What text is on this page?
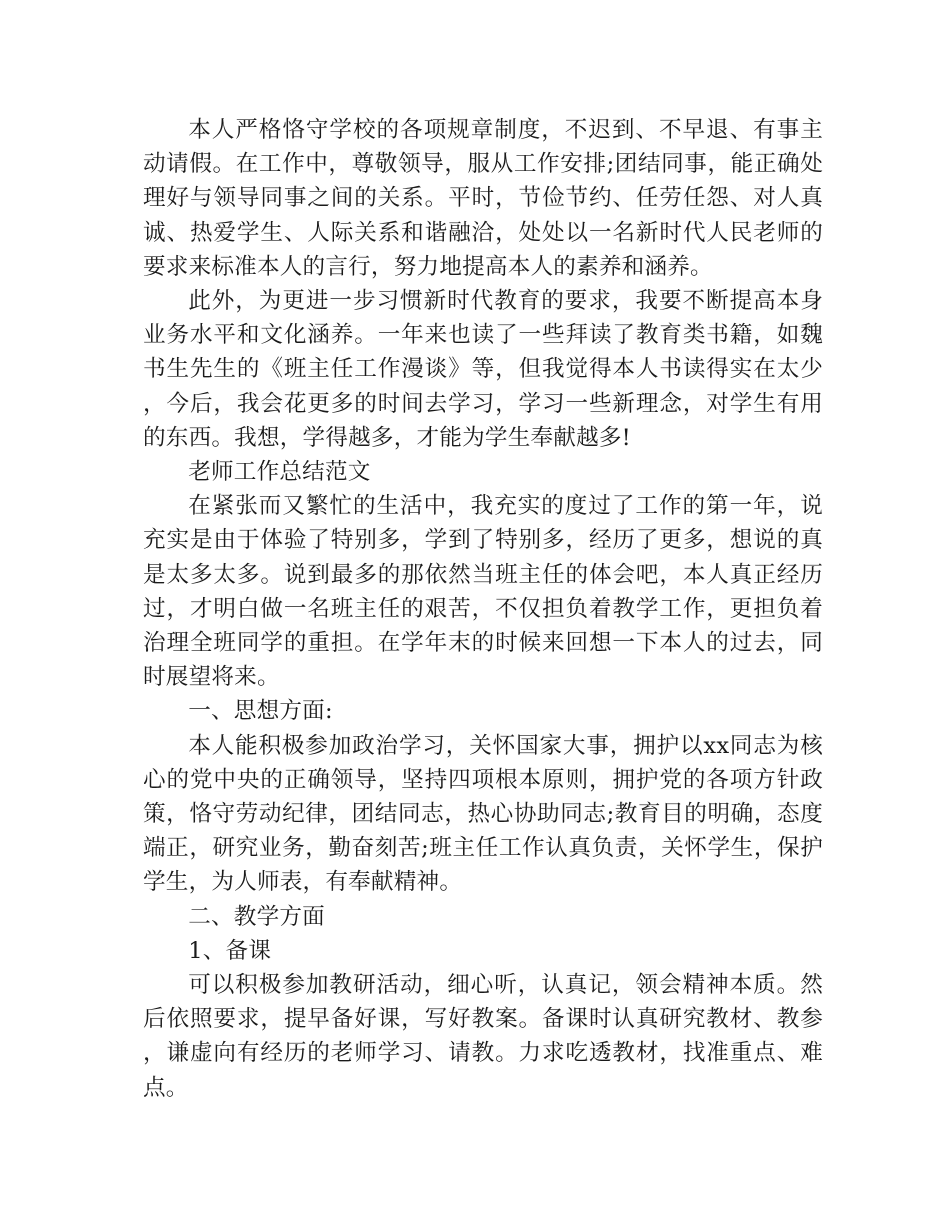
本人严格恪守学校的各项规章制度，不迟到、不早退、有事主动请假。在工作中，尊敬领导，服从工作安排;团结同事，能正确处理好与领导同事之间的关系。平时，节俭节约、任劳任怨、对人真诚、热爱学生、人际关系和谐融洽，处处以一名新时代人民老师的要求来标准本人的言行，努力地提高本人的素养和涵养。

此外，为更进一步习惯新时代教育的要求，我要不断提高本身业务水平和文化涵养。一年来也读了一些拜读了教育类书籍，如魏书生先生的《班主任工作漫谈》等，但我觉得本人书读得实在太少，今后，我会花更多的时间去学习，学习一些新理念，对学生有用的东西。我想，学得越多，才能为学生奉献越多!

老师工作总结范文

在紧张而又繁忙的生活中，我充实的度过了工作的第一年，说充实是由于体验了特别多，学到了特别多，经历了更多，想说的真是太多太多。说到最多的那依然当班主任的体会吧，本人真正经历过，才明白做一名班主任的艰苦，不仅担负着教学工作，更担负着治理全班同学的重担。在学年末的时候来回想一下本人的过去，同时展望将来。

一、思想方面:

本人能积极参加政治学习，关怀国家大事，拥护以xx同志为核心的党中央的正确领导，坚持四项根本原则，拥护党的各项方针政策，恪守劳动纪律，团结同志，热心协助同志;教育目的明确，态度端正，研究业务，勤奋刻苦;班主任工作认真负责，关怀学生，保护学生，为人师表，有奉献精神。

二、教学方面

1、备课

可以积极参加教研活动，细心听，认真记，领会精神本质。然后依照要求，提早备好课，写好教案。备课时认真研究教材、教参，谦虚向有经历的老师学习、请教。力求吃透教材，找准重点、难点。
